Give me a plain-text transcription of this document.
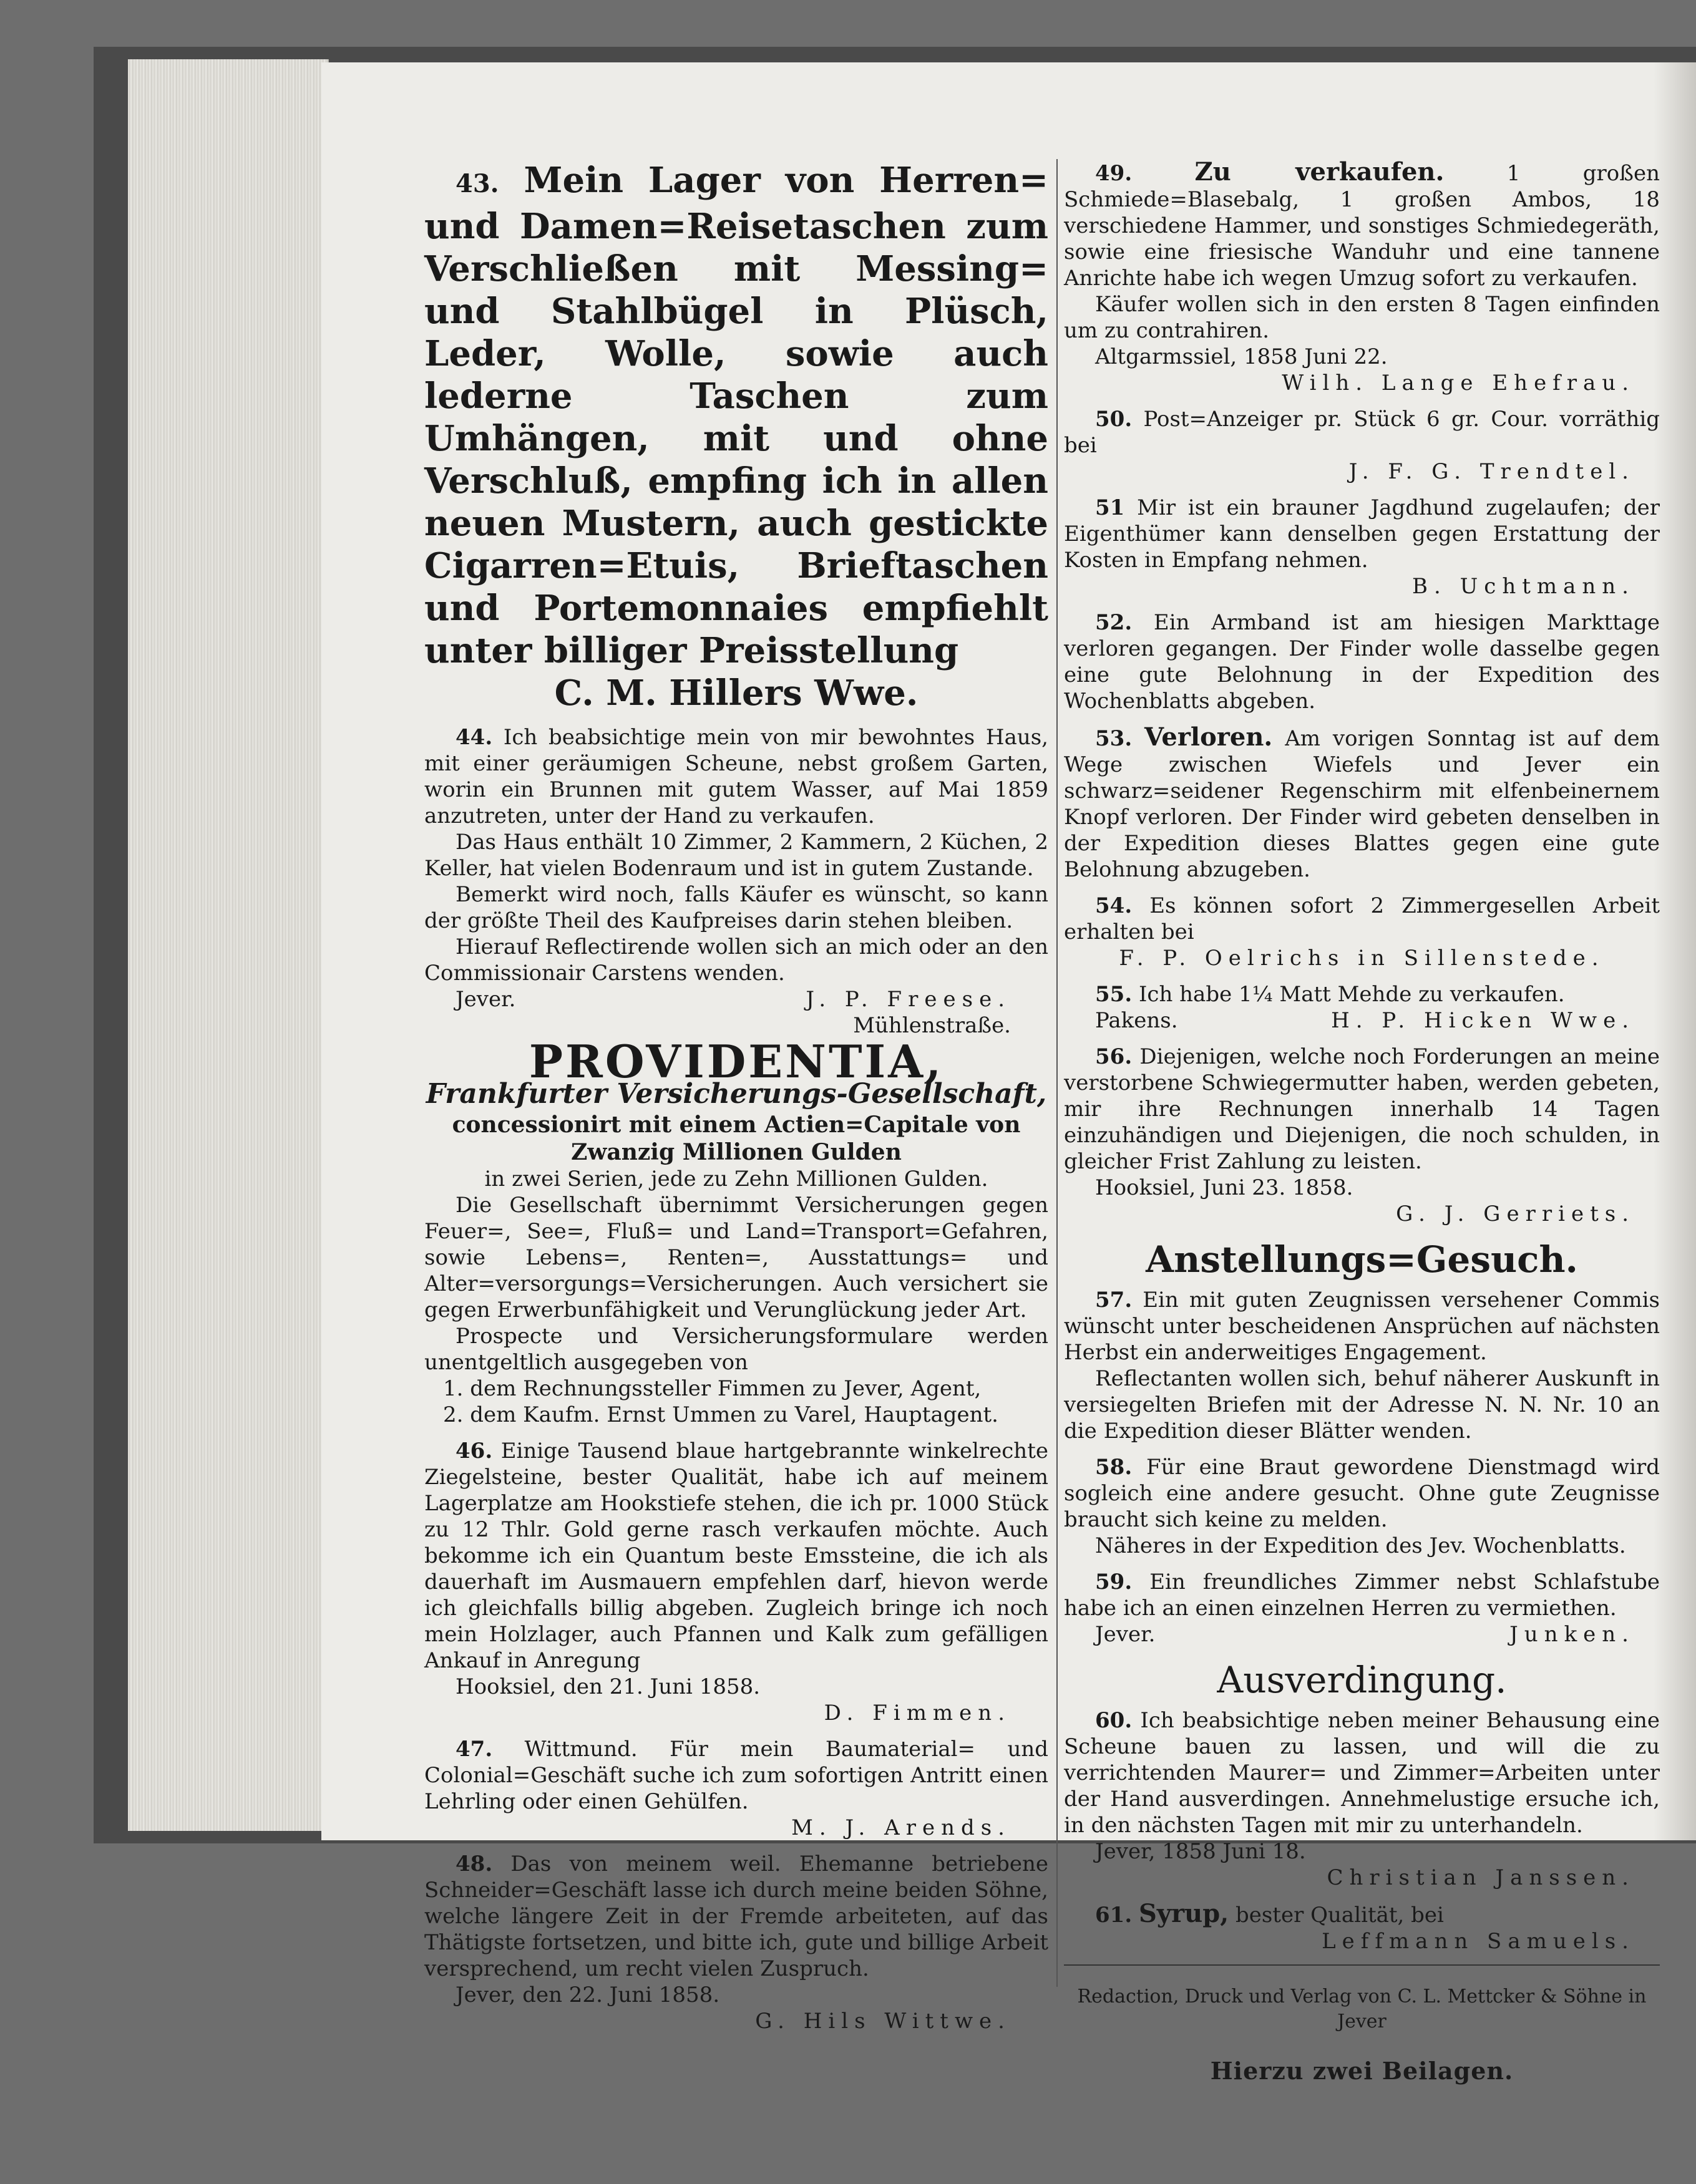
43. Mein Lager von Herren= und Damen=Reisetaschen zum Verschließen mit Messing= und Stahlbügel in Plüsch, Leder, Wolle, sowie auch lederne Taschen zum Umhängen, mit und ohne Verschluß, empfing ich in allen neuen Mustern, auch gestickte Cigarren=Etuis, Brieftaschen und Portemonnaies empfiehlt unter billiger Preisstellung

C. M. Hillers Wwe.

44. Ich beabsichtige mein von mir bewohntes Haus, mit einer geräumigen Scheune, nebst großem Garten, worin ein Brunnen mit gutem Wasser, auf Mai 1859 anzutreten, unter der Hand zu verkaufen.

Das Haus enthält 10 Zimmer, 2 Kammern, 2 Küchen, 2 Keller, hat vielen Bodenraum und ist in gutem Zustande.

Bemerkt wird noch, falls Käufer es wünscht, so kann der größte Theil des Kaufpreises darin stehen bleiben.

Hierauf Reflectirende wollen sich an mich oder an den Commissionair Carstens wenden.

Jever.	J. P. Freese.

Mühlenstraße.

PROVIDENTIA,
Frankfurter Versicherungs-Gesellschaft,
concessionirt mit einem Actien=Capitale von Zwanzig Millionen Gulden

in zwei Serien, jede zu Zehn Millionen Gulden.

Die Gesellschaft übernimmt Versicherungen gegen Feuer=, See=, Fluß= und Land=Transport=Gefahren, sowie Lebens=, Renten=, Ausstattungs= und Alter=versorgungs=Versicherungen. Auch versichert sie gegen Erwerbunfähigkeit und Verunglückung jeder Art.

Prospecte und Versicherungsformulare werden unentgeltlich ausgegeben von

1. dem Rechnungssteller Fimmen zu Jever, Agent,

2. dem Kaufm. Ernst Ummen zu Varel, Hauptagent.

46. Einige Tausend blaue hartgebrannte winkelrechte Ziegelsteine, bester Qualität, habe ich auf meinem Lagerplatze am Hookstiefe stehen, die ich pr. 1000 Stück zu 12 Thlr. Gold gerne rasch verkaufen möchte. Auch bekomme ich ein Quantum beste Emssteine, die ich als dauerhaft im Ausmauern empfehlen darf, hievon werde ich gleichfalls billig abgeben. Zugleich bringe ich noch mein Holzlager, auch Pfannen und Kalk zum gefälligen Ankauf in Anregung

Hooksiel, den 21. Juni 1858.

D. Fimmen.

47. Wittmund. Für mein Baumaterial= und Colonial=Geschäft suche ich zum sofortigen Antritt einen Lehrling oder einen Gehülfen.

M. J. Arends.

48. Das von meinem weil. Ehemanne betriebene Schneider=Geschäft lasse ich durch meine beiden Söhne, welche längere Zeit in der Fremde arbeiteten, auf das Thätigste fortsetzen, und bitte ich, gute und billige Arbeit versprechend, um recht vielen Zuspruch.

Jever, den 22. Juni 1858.

G. Hils Wittwe.

49.	Zu verkaufen.	1 großen Schmiede=Blasebalg, 1 großen Ambos, 18 verschiedene Hammer, und sonstiges Schmiedegeräth, sowie eine friesische Wanduhr und eine tannene Anrichte habe ich wegen Umzug sofort zu verkaufen.

Käufer wollen sich in den ersten 8 Tagen einfinden um zu contrahiren.

Altgarmssiel, 1858 Juni 22.

Wilh. Lange Ehefrau.

50. Post=Anzeiger pr. Stück 6 gr. Cour. vorräthig bei

J. F. G. Trendtel.

51 Mir ist ein brauner Jagdhund zugelaufen; der Eigenthümer kann denselben gegen Erstattung der Kosten in Empfang nehmen.

B. Uchtmann.

52. Ein Armband ist am hiesigen Markttage verloren gegangen. Der Finder wolle dasselbe gegen eine gute Belohnung in der Expedition des Wochenblatts abgeben.

53. Verloren. Am vorigen Sonntag ist auf dem Wege zwischen Wiefels und Jever ein schwarz=seidener Regenschirm mit elfenbeinernem Knopf verloren. Der Finder wird gebeten denselben in der Expedition dieses Blattes gegen eine gute Belohnung abzugeben.

54. Es können sofort 2 Zimmergesellen Arbeit erhalten bei

F. P. Oelrichs in Sillenstede.

55. Ich habe 1¼ Matt Mehde zu verkaufen.

Pakens.	H. P. Hicken Wwe.

56. Diejenigen, welche noch Forderungen an meine verstorbene Schwiegermutter haben, werden gebeten, mir ihre Rechnungen innerhalb 14 Tagen einzuhändigen und Diejenigen, die noch schulden, in gleicher Frist Zahlung zu leisten.

Hooksiel, Juni 23. 1858.

G. J. Gerriets.

Anstellungs=Gesuch.

57. Ein mit guten Zeugnissen versehener Commis wünscht unter bescheidenen Ansprüchen auf nächsten Herbst ein anderweitiges Engagement.

Reflectanten wollen sich, behuf näherer Auskunft in versiegelten Briefen mit der Adresse N. N. Nr. 10 an die Expedition dieser Blätter wenden.

58. Für eine Braut gewordene Dienstmagd wird sogleich eine andere gesucht. Ohne gute Zeugnisse braucht sich keine zu melden.

Näheres in der Expedition des Jev. Wochenblatts.

59. Ein freundliches Zimmer nebst Schlafstube habe ich an einen einzelnen Herren zu vermiethen.

Jever.	Junken.

Ausverdingung.

60. Ich beabsichtige neben meiner Behausung eine Scheune bauen zu lassen, und will die zu verrichtenden Maurer= und Zimmer=Arbeiten unter der Hand ausverdingen. Annehmelustige ersuche ich, in den nächsten Tagen mit mir zu unterhandeln.

Jever, 1858 Juni 18.

Christian Janssen.

61. Syrup, bester Qualität, bei

Leffmann Samuels.

Redaction, Druck und Verlag von C. L. Mettcker & Söhne in Jever

Hierzu zwei Beilagen.
